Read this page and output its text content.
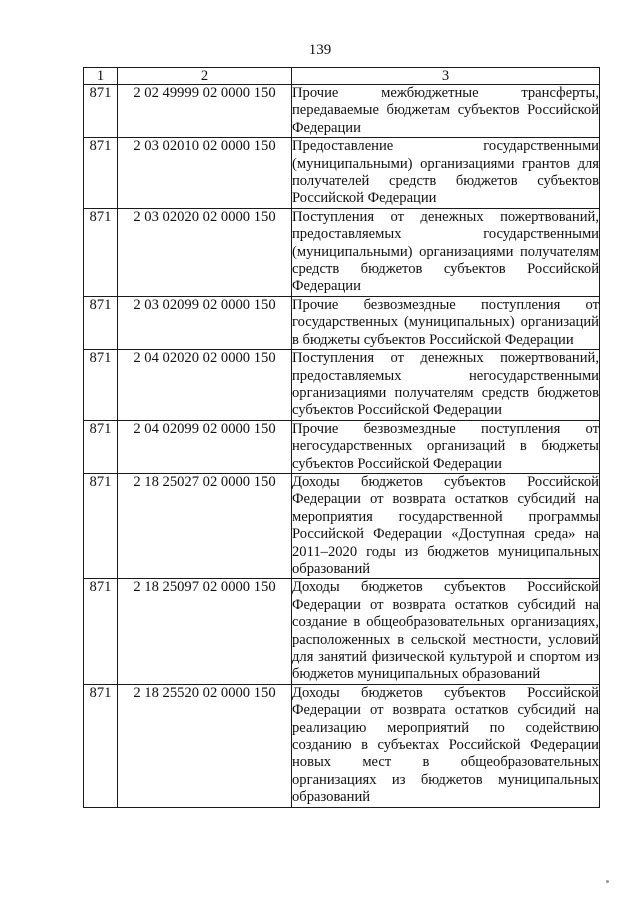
139
1	2	3
871	2 02 49999 02 0000 150	Прочие межбюджетные трансферты, передаваемые бюджетам субъектов Российской Федерации
871	2 03 02010 02 0000 150	Предоставление государственными (муниципальными) организациями грантов для получателей средств бюджетов субъектов Российской Федерации
871	2 03 02020 02 0000 150	Поступления от денежных пожертвований, предоставляемых государственными (муниципальными) организациями получателям средств бюджетов субъектов Российской Федерации
871	2 03 02099 02 0000 150	Прочие безвозмездные поступления от государственных (муниципальных) организаций в бюджеты субъектов Российской Федерации
871	2 04 02020 02 0000 150	Поступления от денежных пожертвований, предоставляемых негосударственными организациями получателям средств бюджетов субъектов Российской Федерации
871	2 04 02099 02 0000 150	Прочие безвозмездные поступления от негосударственных организаций в бюджеты субъектов Российской Федерации
871	2 18 25027 02 0000 150	Доходы бюджетов субъектов Российской Федерации от возврата остатков субсидий на мероприятия государственной программы Российской Федерации «Доступная среда» на 2011–2020 годы из бюджетов муниципальных образований
871	2 18 25097 02 0000 150	Доходы бюджетов субъектов Российской Федерации от возврата остатков субсидий на создание в общеобразовательных организациях, расположенных в сельской местности, условий для занятий физической культурой и спортом из бюджетов муниципальных образований
871	2 18 25520 02 0000 150	Доходы бюджетов субъектов Российской Федерации от возврата остатков субсидий на реализацию мероприятий по содействию созданию в субъектах Российской Федерации новых мест в общеобразовательных организациях из бюджетов муниципальных образований
